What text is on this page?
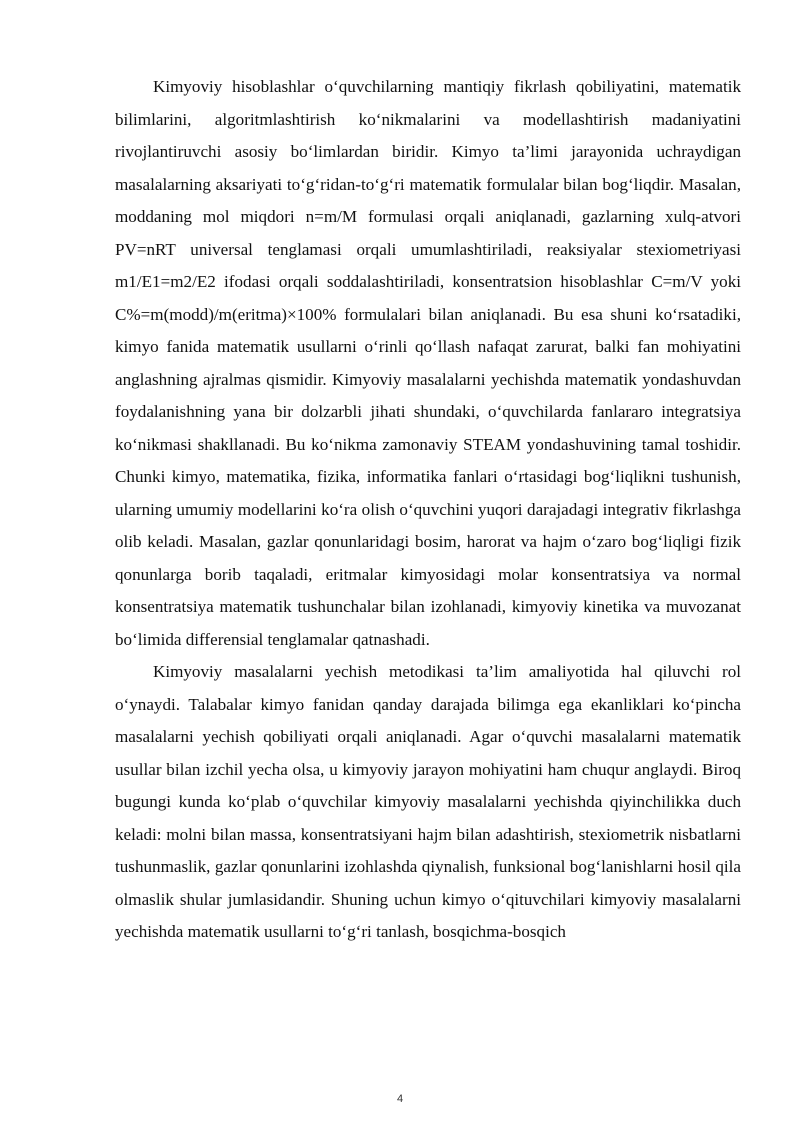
Kimyoviy hisoblashlar o‘quvchilarning mantiqiy fikrlash qobiliyatini, matematik bilimlarini, algoritmlashtirish ko‘nikmalarini va modellashtirish madaniyatini rivojlantiruvchi asosiy bo‘limlardan biridir. Kimyo ta’limi jarayonida uchraydigan masalalarning aksariyati to‘g‘ridan-to‘g‘ri matematik formulalar bilan bog‘liqdir. Masalan, moddaning mol miqdori n=m/M formulasi orqali aniqlanadi, gazlarning xulq-atvori PV=nRT universal tenglamasi orqali umumlashtiriladi, reaksiyalar stexiometriyasi m1/E1=m2/E2 ifodasi orqali soddalashtiriladi, konsentratsion hisoblashlar C=m/V yoki C%=m(modd)/m(eritma)×100% formulalari bilan aniqlanadi. Bu esa shuni ko‘rsatadiki, kimyo fanida matematik usullarni o‘rinli qo‘llash nafaqat zarurat, balki fan mohiyatini anglashning ajralmas qismidir. Kimyoviy masalalarni yechishda matematik yondashuvdan foydalanishning yana bir dolzarbli jihati shundaki, o‘quvchilarda fanlararo integratsiya ko‘nikmasi shakllanadi. Bu ko‘nikma zamonaviy STEAM yondashuvining tamal toshidir. Chunki kimyo, matematika, fizika, informatika fanlari o‘rtasidagi bog‘liqlikni tushunish, ularning umumiy modellarini ko‘ra olish o‘quvchini yuqori darajadagi integrativ fikrlashga olib keladi. Masalan, gazlar qonunlaridagi bosim, harorat va hajm o‘zaro bog‘liqligi fizik qonunlarga borib taqaladi, eritmalar kimyosidagi molar konsentratsiya va normal konsentratsiya matematik tushunchalar bilan izohlanadi, kimyoviy kinetika va muvozanat bo‘limida differensial tenglamalar qatnashadi.

Kimyoviy masalalarni yechish metodikasi ta’lim amaliyotida hal qiluvchi rol o‘ynaydi. Talabalar kimyo fanidan qanday darajada bilimga ega ekanliklari ko‘pincha masalalarni yechish qobiliyati orqali aniqlanadi. Agar o‘quvchi masalalarni matematik usullar bilan izchil yecha olsa, u kimyoviy jarayon mohiyatini ham chuqur anglaydi. Biroq bugungi kunda ko‘plab o‘quvchilar kimyoviy masalalarni yechishda qiyinchilikka duch keladi: molni bilan massa, konsentratsiyani hajm bilan adashtirish, stexiometrik nisbatlarni tushunmaslik, gazlar qonunlarini izohlashda qiynalish, funksional bog‘lanishlarni hosil qila olmaslik shular jumlasidandir. Shuning uchun kimyo o‘qituvchilari kimyoviy masalalarni yechishda matematik usullarni to‘g‘ri tanlash, bosqichma-bosqich

4
